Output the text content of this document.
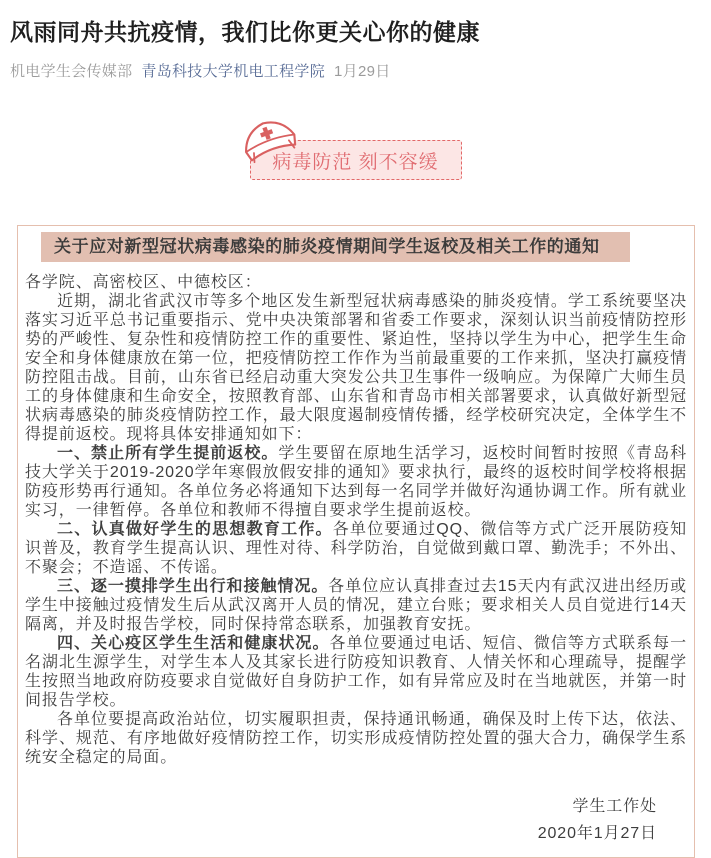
风雨同舟共抗疫情，我们比你更关心你的健康
机电学生会传媒部 青岛科技大学机电工程学院 1月29日
病毒防范 刻不容缓
关于应对新型冠状病毒感染的肺炎疫情期间学生返校及相关工作的通知

各学院、高密校区、中德校区：

近期，湖北省武汉市等多个地区发生新型冠状病毒感染的肺炎疫情。学工系统要坚决落实习近平总书记重要指示、党中央决策部署和省委工作要求，深刻认识当前疫情防控形势的严峻性、复杂性和疫情防控工作的重要性、紧迫性，坚持以学生为中心，把学生生命安全和身体健康放在第一位，把疫情防控工作作为当前最重要的工作来抓，坚决打赢疫情防控阻击战。目前，山东省已经启动重大突发公共卫生事件一级响应。为保障广大师生员工的身体健康和生命安全，按照教育部、山东省和青岛市相关部署要求，认真做好新型冠状病毒感染的肺炎疫情防控工作，最大限度遏制疫情传播，经学校研究决定，全体学生不得提前返校。现将具体安排通知如下：

一、禁止所有学生提前返校。学生要留在原地生活学习，返校时间暂时按照《青岛科技大学关于2019-2020学年寒假放假安排的通知》要求执行，最终的返校时间学校将根据防疫形势再行通知。各单位务必将通知下达到每一名同学并做好沟通协调工作。所有就业实习，一律暂停。各单位和教师不得擅自要求学生提前返校。

二、认真做好学生的思想教育工作。各单位要通过QQ、微信等方式广泛开展防疫知识普及，教育学生提高认识、理性对待、科学防治，自觉做到戴口罩、勤洗手；不外出、不聚会；不造谣、不传谣。

三、逐一摸排学生出行和接触情况。各单位应认真排查过去15天内有武汉进出经历或学生中接触过疫情发生后从武汉离开人员的情况，建立台账；要求相关人员自觉进行14天隔离，并及时报告学校，同时保持常态联系，加强教育安抚。

四、关心疫区学生生活和健康状况。各单位要通过电话、短信、微信等方式联系每一名湖北生源学生，对学生本人及其家长进行防疫知识教育、人情关怀和心理疏导，提醒学生按照当地政府防疫要求自觉做好自身防护工作，如有异常应及时在当地就医，并第一时间报告学校。

各单位要提高政治站位，切实履职担责，保持通讯畅通，确保及时上传下达，依法、科学、规范、有序地做好疫情防控工作，切实形成疫情防控处置的强大合力，确保学生系统安全稳定的局面。

学生工作处
2020年1月27日
